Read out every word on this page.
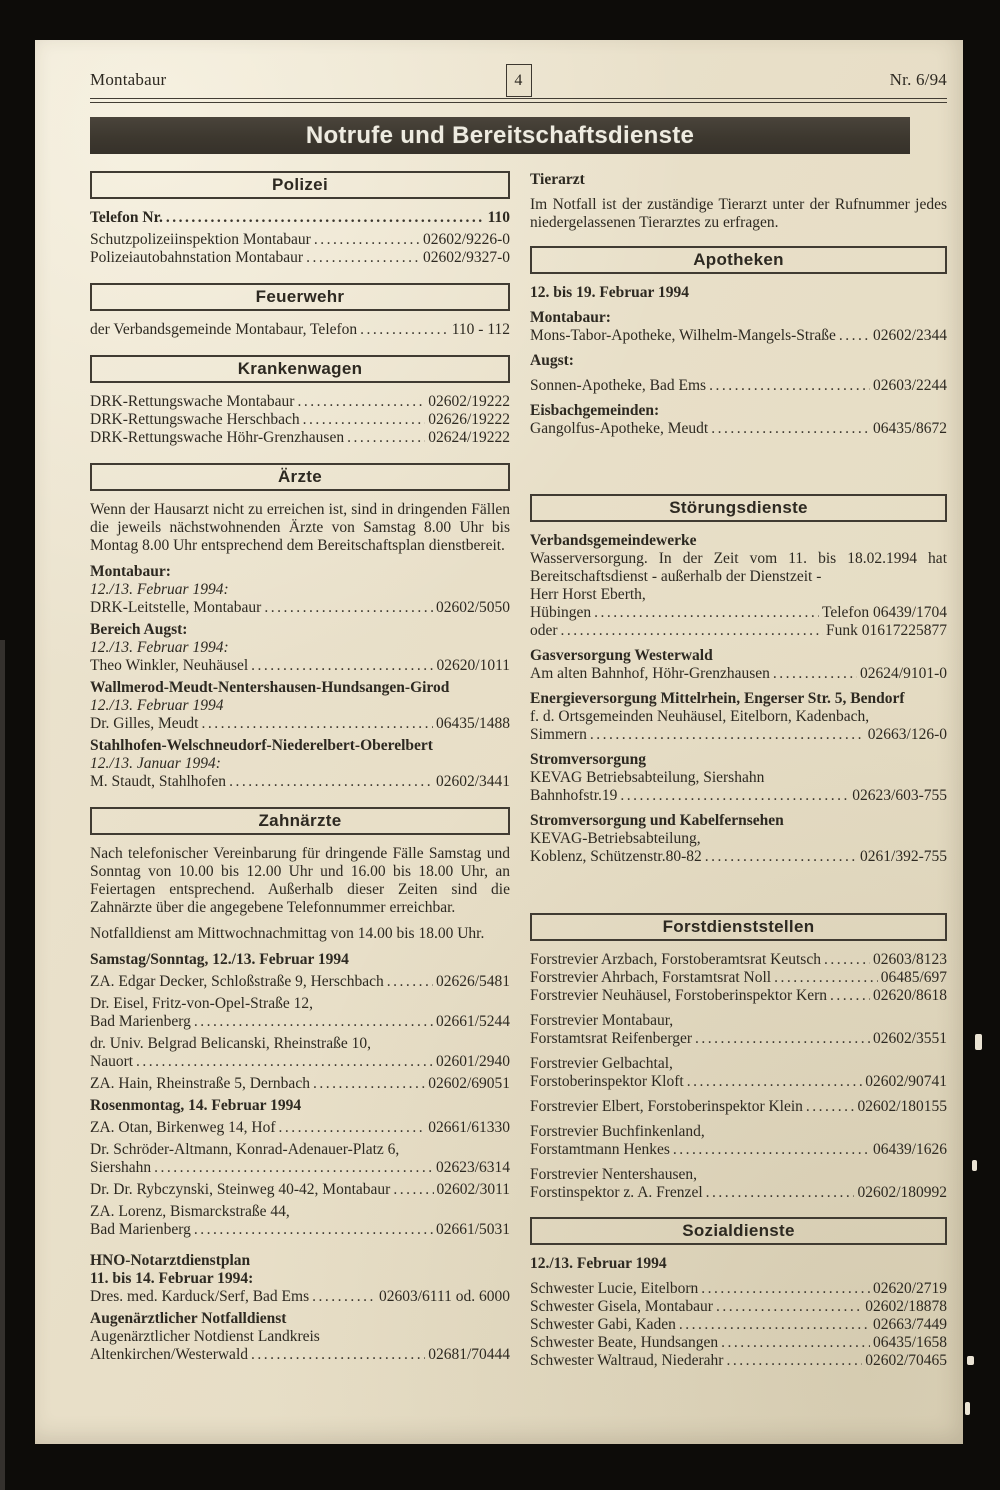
Montabaur	4	Nr. 6/94
Notrufe und Bereitschaftsdienste
Polizei
Telefon Nr. .....	110
Schutzpolizeiinspektion Montabaur .....	02602/9226-0
Polizeiautobahnstation Montabaur .....	02602/9327-0
Feuerwehr
der Verbandsgemeinde Montabaur, Telefon .....	110 - 112
Krankenwagen
DRK-Rettungswache Montabaur .....	02602/19222
DRK-Rettungswache Herschbach .....	02626/19222
DRK-Rettungswache Höhr-Grenzhausen .....	02624/19222
Ärzte
Wenn der Hausarzt nicht zu erreichen ist, sind in dringenden Fällen die jeweils nächstwohnenden Ärzte von Samstag 8.00 Uhr bis Montag 8.00 Uhr entsprechend dem Bereitschaftsplan dienstbereit.
Montabaur:
12./13. Februar 1994:
DRK-Leitstelle, Montabaur .....	02602/5050
Bereich Augst:
12./13. Februar 1994:
Theo Winkler, Neuhäusel .....	02620/1011
Wallmerod-Meudt-Nentershausen-Hundsangen-Girod
12./13. Februar 1994
Dr. Gilles, Meudt .....	06435/1488
Stahlhofen-Welschneudorf-Niederelbert-Oberelbert
12./13. Januar 1994:
M. Staudt, Stahlhofen .....	02602/3441
Zahnärzte
Nach telefonischer Vereinbarung für dringende Fälle Samstag und Sonntag von 10.00 bis 12.00 Uhr und 16.00 bis 18.00 Uhr, an Feiertagen entsprechend. Außerhalb dieser Zeiten sind die Zahnärzte über die angegebene Telefonnummer erreichbar.
Notfalldienst am Mittwochnachmittag von 14.00 bis 18.00 Uhr.
Samstag/Sonntag, 12./13. Februar 1994
ZA. Edgar Decker, Schloßstraße 9, Herschbach .....	02626/5481
Dr. Eisel, Fritz-von-Opel-Straße 12,
Bad Marienberg .....	02661/5244
dr. Univ. Belgrad Belicanski, Rheinstraße 10,
Nauort .....	02601/2940
ZA. Hain, Rheinstraße 5, Dernbach .....	02602/69051
Rosenmontag, 14. Februar 1994
ZA. Otan, Birkenweg 14, Hof .....	02661/61330
Dr. Schröder-Altmann, Konrad-Adenauer-Platz 6,
Siershahn .....	02623/6314
Dr. Dr. Rybczynski, Steinweg 40-42, Montabaur .....	02602/3011
ZA. Lorenz, Bismarckstraße 44,
Bad Marienberg .....	02661/5031
HNO-Notarztdienstplan
11. bis 14. Februar 1994:
Dres. med. Karduck/Serf, Bad Ems .....	02603/6111 od. 6000
Augenärztlicher Notfalldienst
Augenärztlicher Notdienst Landkreis
Altenkirchen/Westerwald .....	02681/70444
Tierarzt
Im Notfall ist der zuständige Tierarzt unter der Rufnummer jedes niedergelassenen Tierarztes zu erfragen.
Apotheken
12. bis 19. Februar 1994
Montabaur:
Mons-Tabor-Apotheke, Wilhelm-Mangels-Straße ..... 02602/2344
Augst:
Sonnen-Apotheke, Bad Ems .....	02603/2244
Eisbachgemeinden:
Gangolfus-Apotheke, Meudt .....	06435/8672
Störungsdienste
Verbandsgemeindewerke
Wasserversorgung. In der Zeit vom 11. bis 18.02.1994 hat Bereitschaftsdienst - außerhalb der Dienstzeit -
Herr Horst Eberth,
Hübingen .....	Telefon 06439/1704
oder .....	Funk 01617225877
Gasversorgung Westerwald
Am alten Bahnhof, Höhr-Grenzhausen .....	02624/9101-0
Energieversorgung Mittelrhein, Engerser Str. 5, Bendorf
f. d. Ortsgemeinden Neuhäusel, Eitelborn, Kadenbach,
Simmern .....	02663/126-0
Stromversorgung
KEVAG Betriebsabteilung, Siershahn
Bahnhofstr.19 .....	02623/603-755
Stromversorgung und Kabelfernsehen
KEVAG-Betriebsabteilung,
Koblenz, Schützenstr.80-82 .....	0261/392-755
Forstdienststellen
Forstrevier Arzbach, Forstoberamtsrat Keutsch .....	02603/8123
Forstrevier Ahrbach, Forstamtsrat Noll .....	06485/697
Forstrevier Neuhäusel, Forstoberinspektor Kern .....	02620/8618
Forstrevier Montabaur,
Forstamtsrat Reifenberger .....	02602/3551
Forstrevier Gelbachtal,
Forstoberinspektor Kloft .....	02602/90741
Forstrevier Elbert, Forstoberinspektor Klein .....	02602/180155
Forstrevier Buchfinkenland,
Forstamtmann Henkes .....	06439/1626
Forstrevier Nentershausen,
Forstinspektor z. A. Frenzel .....	02602/180992
Sozialdienste
12./13. Februar 1994
Schwester Lucie, Eitelborn .....	02620/2719
Schwester Gisela, Montabaur .....	02602/18878
Schwester Gabi, Kaden .....	02663/7449
Schwester Beate, Hundsangen .....	06435/1658
Schwester Waltraud, Niederahr .....	02602/70465
